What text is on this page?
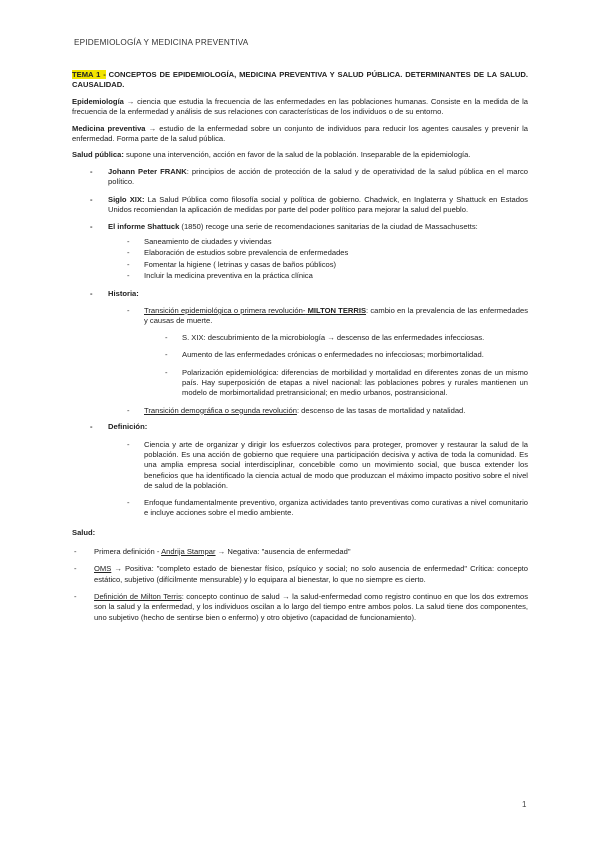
EPIDEMIOLOGÍA Y MEDICINA PREVENTIVA

TEMA 1 - CONCEPTOS DE EPIDEMIOLOGÍA, MEDICINA PREVENTIVA Y SALUD PÚBLICA. DETERMINANTES DE LA SALUD. CAUSALIDAD.

Epidemiología → ciencia que estudia la frecuencia de las enfermedades en las poblaciones humanas. Consiste en la medida de la frecuencia de la enfermedad y análisis de sus relaciones con características de los individuos o de su entorno.

Medicina preventiva → estudio de la enfermedad sobre un conjunto de individuos para reducir los agentes causales y prevenir la enfermedad. Forma parte de la salud pública.

Salud pública: supone una intervención, acción en favor de la salud de la población. Inseparable de la epidemiología.

- Johann Peter FRANK: principios de acción de protección de la salud y de operatividad de la salud pública en el marco político.
- Siglo XIX: La Salud Pública como filosofía social y política de gobierno. Chadwick, en Inglaterra y Shattuck en Estados Unidos recomiendan la aplicación de medidas por parte del poder político para mejorar la salud del pueblo.
- El informe Shattuck (1850) recoge una serie de recomendaciones sanitarias de la ciudad de Massachusetts:
- Saneamiento de ciudades y viviendas
- Elaboración de estudios sobre prevalencia de enfermedades
- Fomentar la higiene ( letrinas y casas de baños públicos)
- Incluir la medicina preventiva en la práctica clínica
- Historia:
- Transición epidemiológica o primera revolución- MILTON TERRIS: cambio en la prevalencia de las enfermedades y causas de muerte.
- S. XIX: descubrimiento de la microbiología → descenso de las enfermedades infecciosas.
- Aumento de las enfermedades crónicas o enfermedades no infecciosas; morbimortalidad.
- Polarización epidemiológica: diferencias de morbilidad y mortalidad en diferentes zonas de un mismo país. Hay superposición de etapas a nivel nacional: las poblaciones pobres y rurales mantienen un modelo de morbimortalidad pretransicional; en medio urbanos, postransicional.
- Transición demográfica o segunda revolución: descenso de las tasas de mortalidad y natalidad.
- Definición:
- Ciencia y arte de organizar y dirigir los esfuerzos colectivos para proteger, promover y restaurar la salud de la población. Es una acción de gobierno que requiere una participación decisiva y activa de toda la comunidad. Es una amplia empresa social interdisciplinar, concebible como un movimiento social, que busca extender los beneficios que ha identificado la ciencia actual de modo que produzcan el máximo impacto positivo sobre el nivel de salud de la población.
- Enfoque fundamentalmente preventivo, organiza actividades tanto preventivas como curativas a nivel comunitario e incluye acciones sobre el medio ambiente.

Salud:

- Primera definición - Andrija Stampar → Negativa: "ausencia de enfermedad"
- OMS → Positiva: "completo estado de bienestar físico, psíquico y social; no solo ausencia de enfermedad" Crítica: concepto estático, subjetivo (difícilmente mensurable) y lo equipara al bienestar, lo que no siempre es cierto.
- Definición de Milton Terris: concepto continuo de salud → la salud-enfermedad como registro continuo en que los dos extremos son la salud y la enfermedad, y los individuos oscilan a lo largo del tiempo entre ambos polos. La salud tiene dos componentes, uno subjetivo (hecho de sentirse bien o enfermo) y otro objetivo (capacidad de funcionamiento).
1
